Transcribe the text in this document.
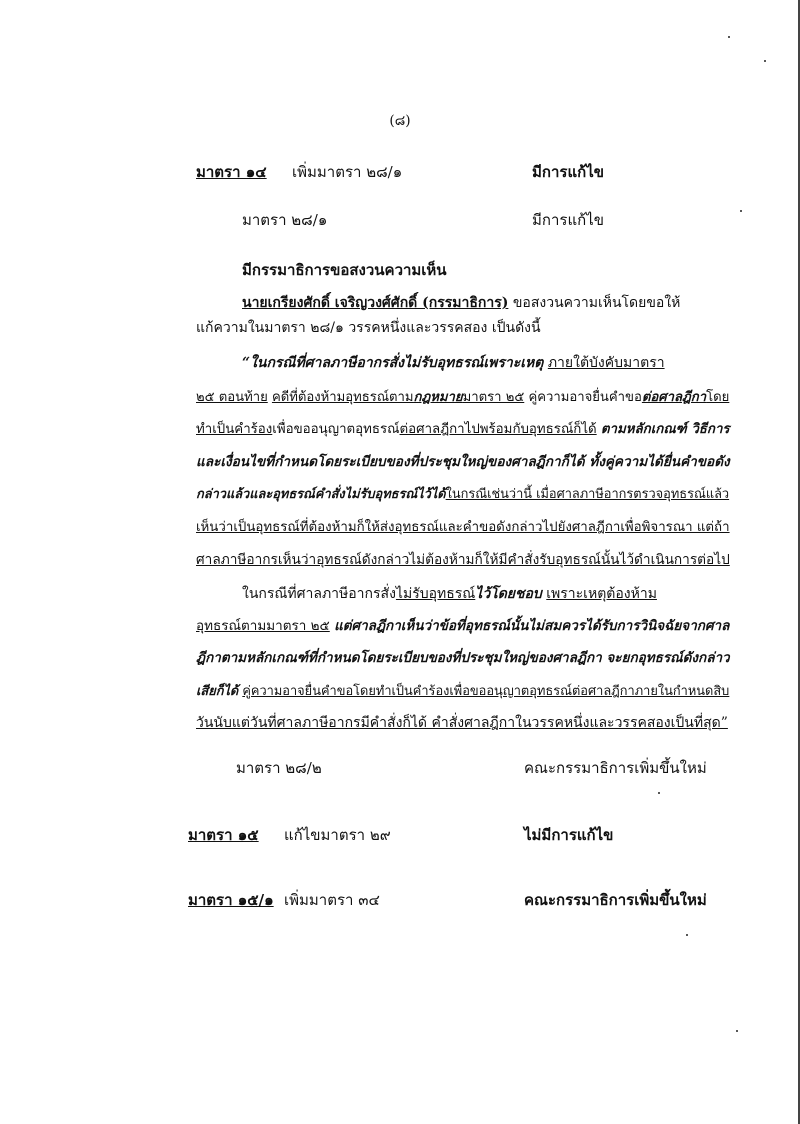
(๘)
มาตรา ๑๔ เพิ่มมาตรา ๒๘/๑	มีการแก้ไข
มาตรา ๒๘/๑	มีการแก้ไข
มีกรรมาธิการขอสงวนความเห็น
นายเกรียงศักดิ์ เจริญวงศ์ศักดิ์ (กรรมาธิการ) ขอสงวนความเห็นโดยขอให้
แก้ความในมาตรา ๒๘/๑ วรรคหนึ่งและวรรคสอง เป็นดังนี้
“ในกรณีที่ศาลภาษีอากรสั่งไม่รับอุทธรณ์เพราะเหตุ ภายใต้บังคับมาตรา
๒๕ ตอนท้าย คดีที่ต้องห้ามอุทธรณ์ตามกฎหมายมาตรา ๒๕ คู่ความอาจยื่นคำขอต่อศาลฎีกาโดย
ทำเป็นคำร้องเพื่อขออนุญาตอุทธรณ์ต่อศาลฎีกาไปพร้อมกับอุทธรณ์ก็ได้ ตามหลักเกณฑ์ วิธีการ
และเงื่อนไขที่กำหนดโดยระเบียบของที่ประชุมใหญ่ของศาลฎีกาก็ได้ ทั้งคู่ความได้ยื่นคำขอดัง
กล่าวแล้วและอุทธรณ์คำสั่งไม่รับอุทธรณ์ไว้ได้ในกรณีเช่นว่านี้ เมื่อศาลภาษีอากรตรวจอุทธรณ์แล้ว
เห็นว่าเป็นอุทธรณ์ที่ต้องห้ามก็ให้ส่งอุทธรณ์และคำขอดังกล่าวไปยังศาลฎีกาเพื่อพิจารณา แต่ถ้า
ศาลภาษีอากรเห็นว่าอุทธรณ์ดังกล่าวไม่ต้องห้ามก็ให้มีคำสั่งรับอุทธรณ์นั้นไว้ดำเนินการต่อไป
ในกรณีที่ศาลภาษีอากรสั่งไม่รับอุทธรณ์ไว้โดยชอบ เพราะเหตุต้องห้าม
อุทธรณ์ตามมาตรา ๒๕ แต่ศาลฎีกาเห็นว่าข้อที่อุทธรณ์นั้นไม่สมควรได้รับการวินิจฉัยจากศาล
ฎีกาตามหลักเกณฑ์ที่กำหนดโดยระเบียบของที่ประชุมใหญ่ของศาลฎีกา จะยกอุทธรณ์ดังกล่าว
เสียก็ได้ คู่ความอาจยื่นคำขอโดยทำเป็นคำร้องเพื่อขออนุญาตอุทธรณ์ต่อศาลฎีกาภายในกำหนดสิบ
วันนับแต่วันที่ศาลภาษีอากรมีคำสั่งก็ได้ คำสั่งศาลฎีกาในวรรคหนึ่งและวรรคสองเป็นที่สุด”
มาตรา ๒๘/๒	คณะกรรมาธิการเพิ่มขึ้นใหม่
มาตรา ๑๕ แก้ไขมาตรา ๒๙	ไม่มีการแก้ไข
มาตรา ๑๕/๑ เพิ่มมาตรา ๓๔	คณะกรรมาธิการเพิ่มขึ้นใหม่
